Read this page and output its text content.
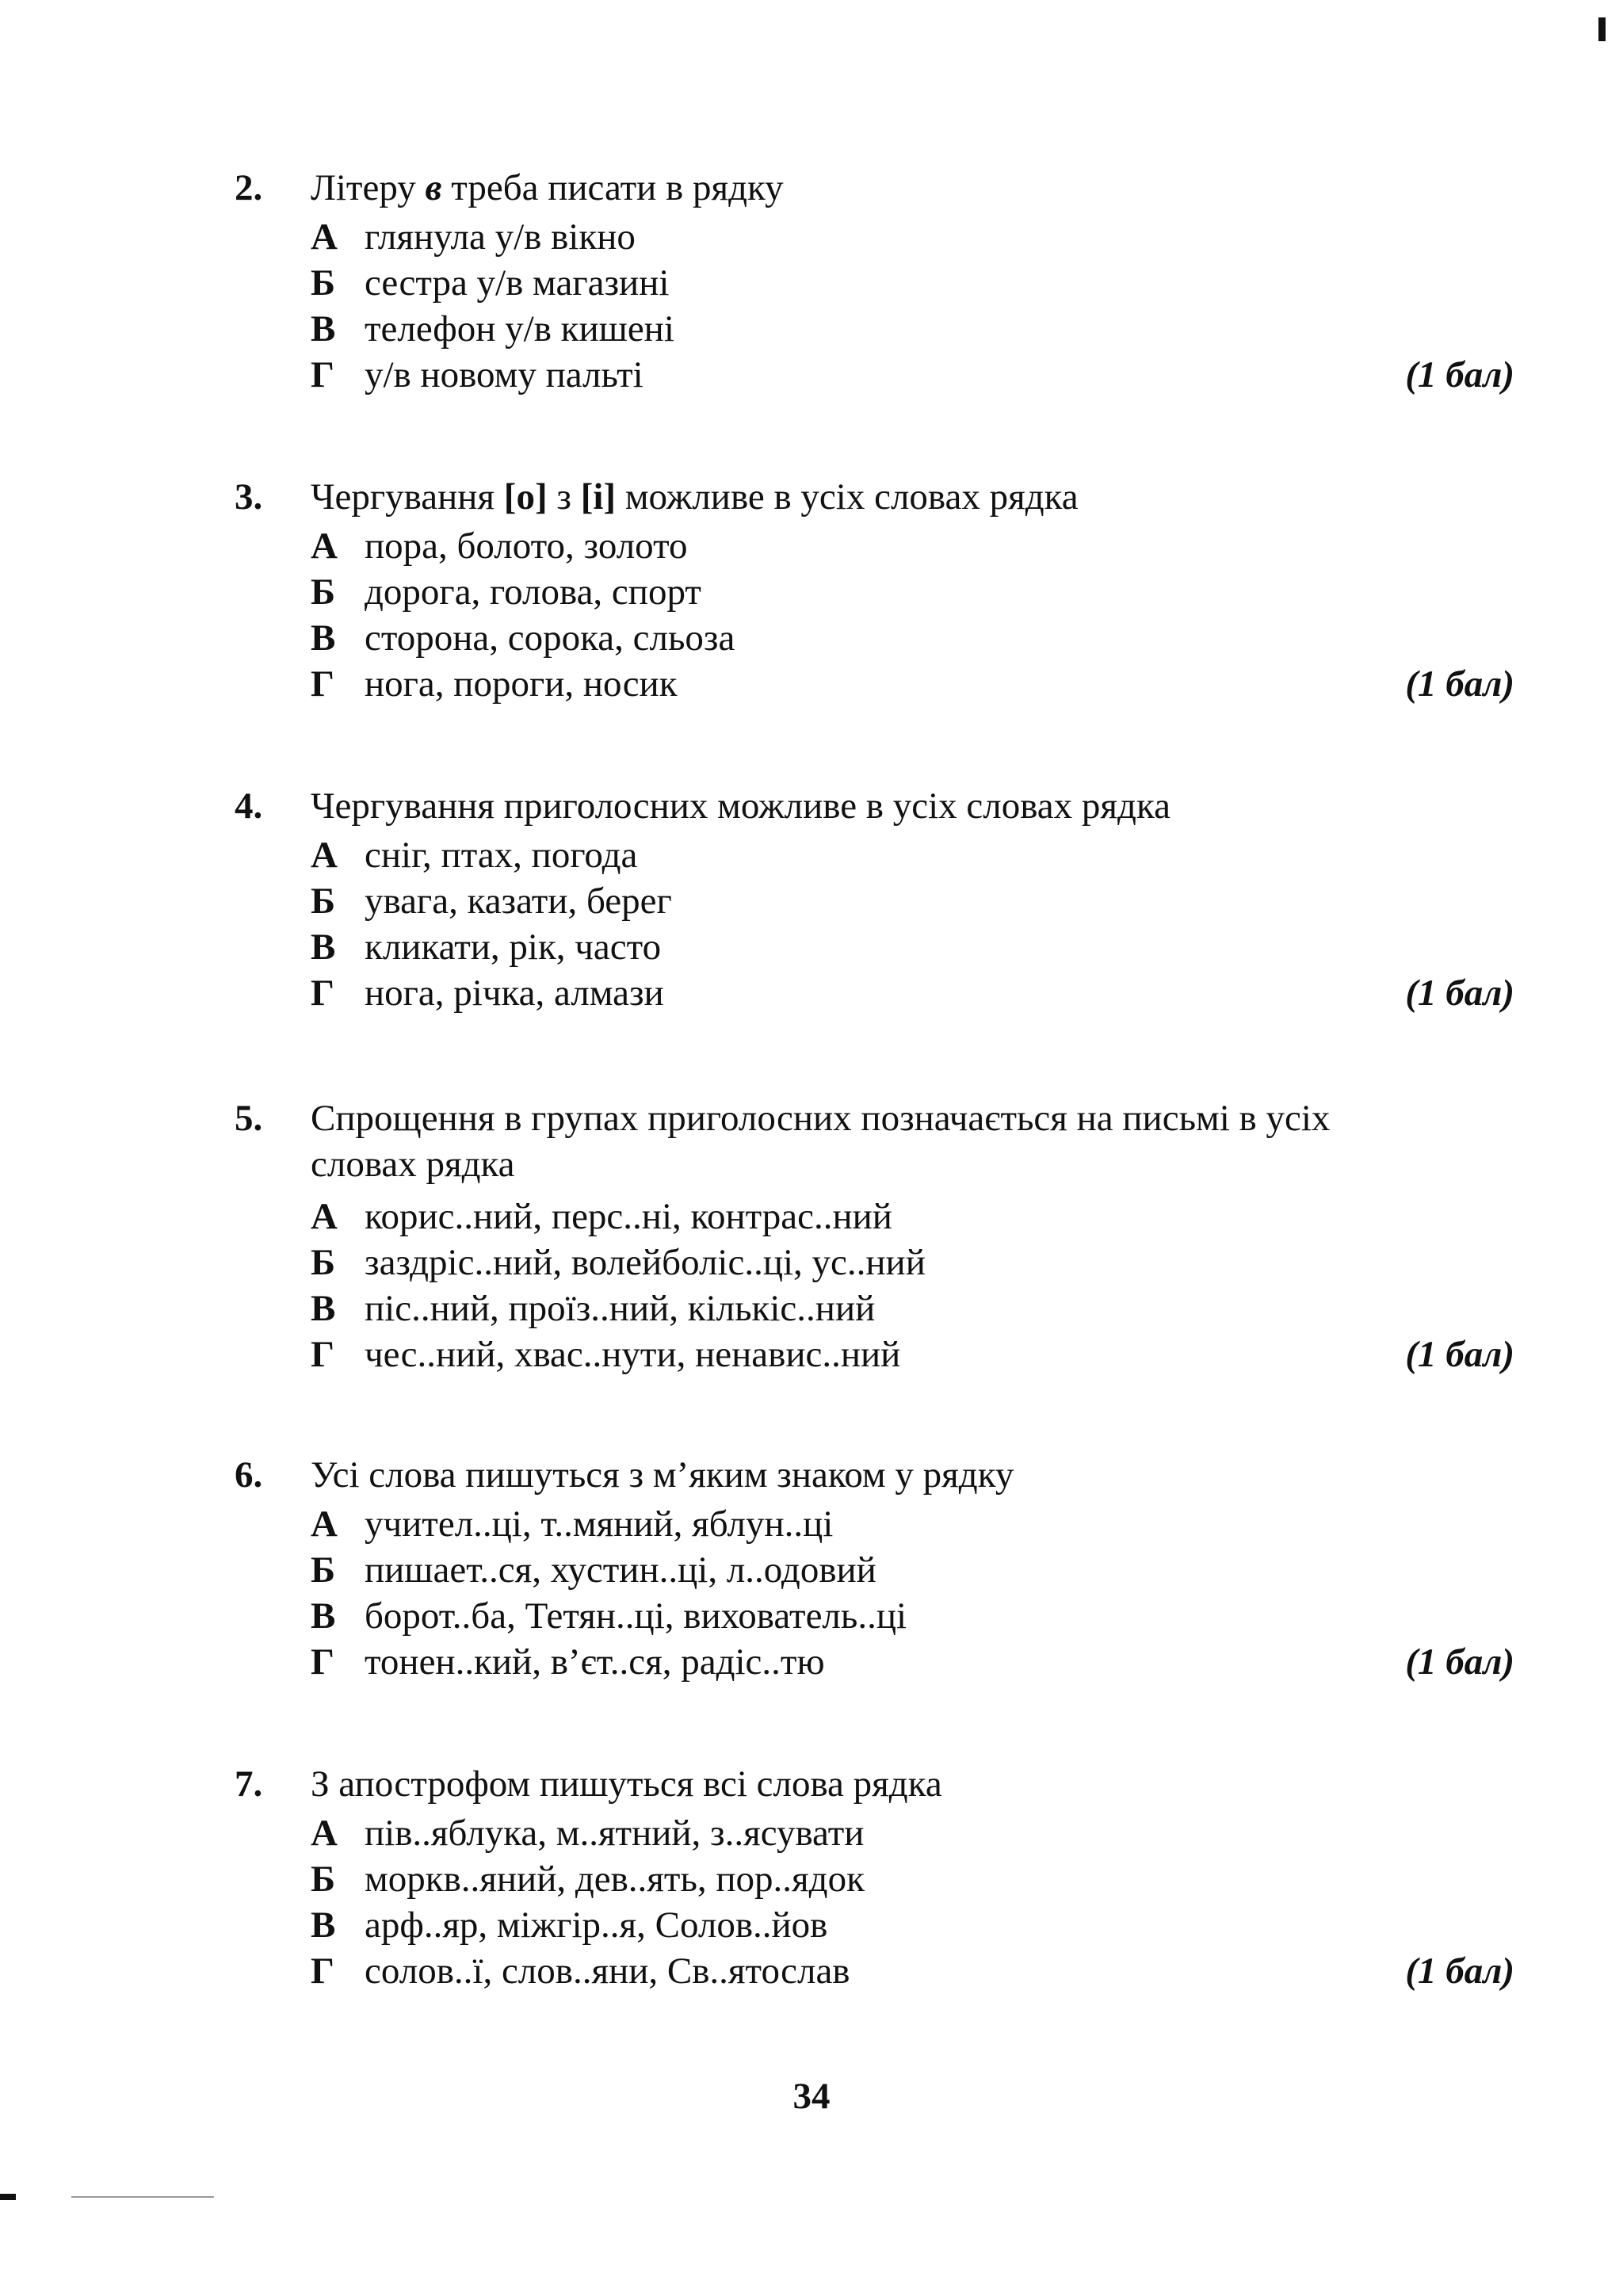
2. Літеру в треба писати в рядку
А глянула у/в вікно
Б сестра у/в магазині
В телефон у/в кишені
Г у/в новому пальті	(1 бал)
3. Чергування [о] з [і] можливе в усіх словах рядка
А пора, болото, золото
Б дорога, голова, спорт
В сторона, сорока, сльоза
Г нога, пороги, носик	(1 бал)
4. Чергування приголосних можливе в усіх словах рядка
А сніг, птах, погода
Б увага, казати, берег
В кликати, рік, часто
Г нога, річка, алмази	(1 бал)
5. Спрощення в групах приголосних позначається на письмі в усіх
словах рядка
А корис..ний, перс..ні, контрас..ний
Б заздріс..ний, волейболіс..ці, ус..ний
В піс..ний, проїз..ний, кількіс..ний
Г чес..ний, хвас..нути, ненавис..ний	(1 бал)
6. Усі слова пишуться з м’яким знаком у рядку
А учител..ці, т..мяний, яблун..ці
Б пишает..ся, хустин..ці, л..одовий
В борот..ба, Тетян..ці, вихователь..ці
Г тонен..кий, в’єт..ся, радіс..тю	(1 бал)
7. З апострофом пишуться всі слова рядка
А пів..яблука, м..ятний, з..ясувати
Б моркв..яний, дев..ять, пор..ядок
В арф..яр, міжгір..я, Солов..йов
Г солов..ї, слов..яни, Св..ятослав	(1 бал)
34
